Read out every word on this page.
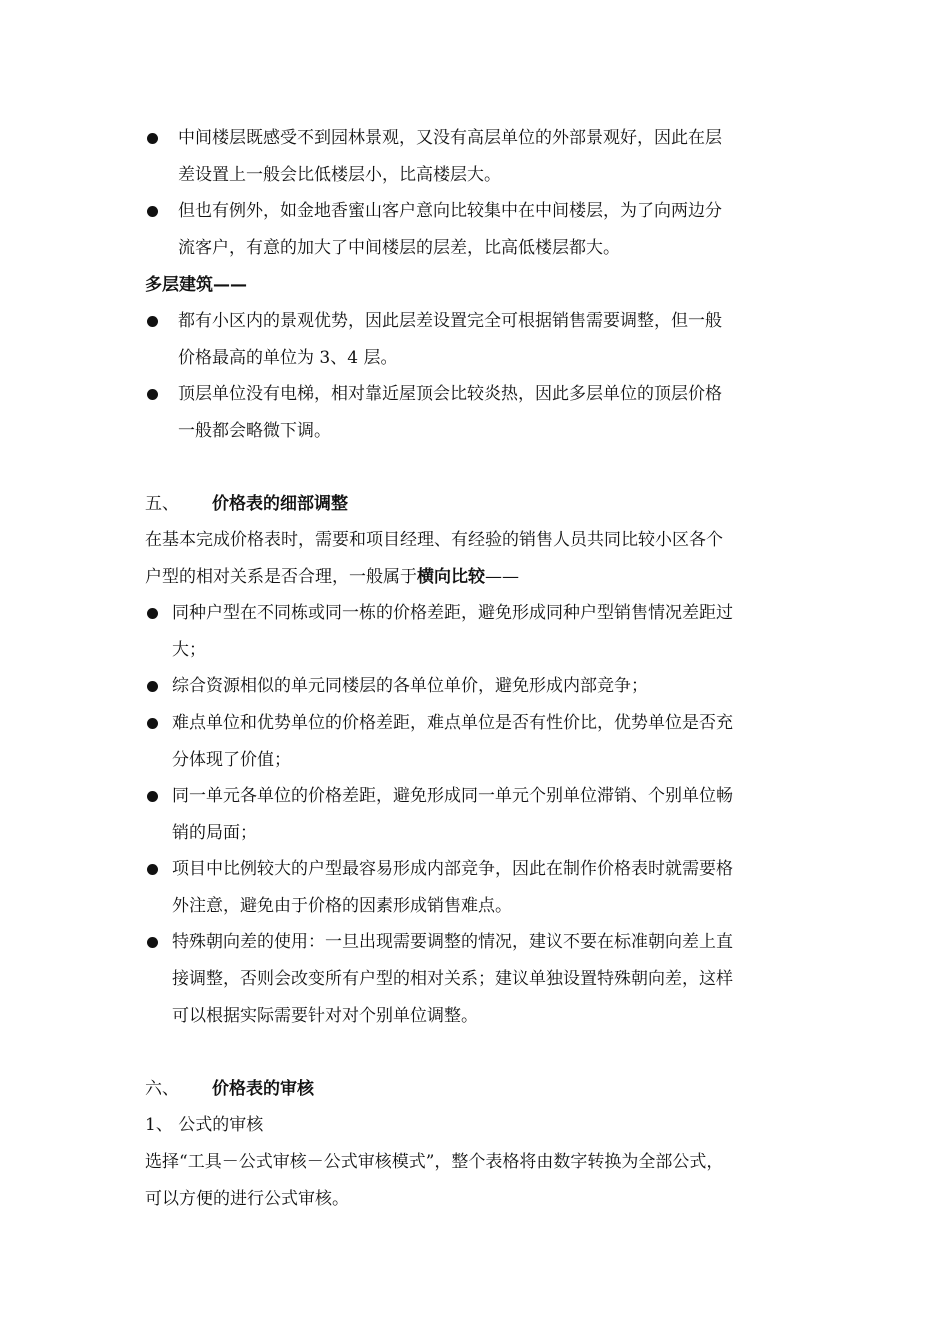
中间楼层既感受不到园林景观，又没有高层单位的外部景观好，因此在层
差设置上一般会比低楼层小，比高楼层大。
但也有例外，如金地香蜜山客户意向比较集中在中间楼层，为了向两边分
流客户，有意的加大了中间楼层的层差，比高低楼层都大。
多层建筑——
都有小区内的景观优势，因此层差设置完全可根据销售需要调整，但一般
价格最高的单位为 3、4 层。
顶层单位没有电梯，相对靠近屋顶会比较炎热，因此多层单位的顶层价格
一般都会略微下调。
五、 价格表的细部调整
在基本完成价格表时，需要和项目经理、有经验的销售人员共同比较小区各个
户型的相对关系是否合理，一般属于横向比较——
同种户型在不同栋或同一栋的价格差距，避免形成同种户型销售情况差距过
大；
综合资源相似的单元同楼层的各单位单价，避免形成内部竞争；
难点单位和优势单位的价格差距，难点单位是否有性价比，优势单位是否充
分体现了价值；
同一单元各单位的价格差距，避免形成同一单元个别单位滞销、个别单位畅
销的局面；
项目中比例较大的户型最容易形成内部竞争，因此在制作价格表时就需要格
外注意，避免由于价格的因素形成销售难点。
特殊朝向差的使用：一旦出现需要调整的情况，建议不要在标准朝向差上直
接调整，否则会改变所有户型的相对关系；建议单独设置特殊朝向差，这样
可以根据实际需要针对对个别单位调整。
六、 价格表的审核
1、 公式的审核
选择“工具－公式审核－公式审核模式”，整个表格将由数字转换为全部公式，
可以方便的进行公式审核。
